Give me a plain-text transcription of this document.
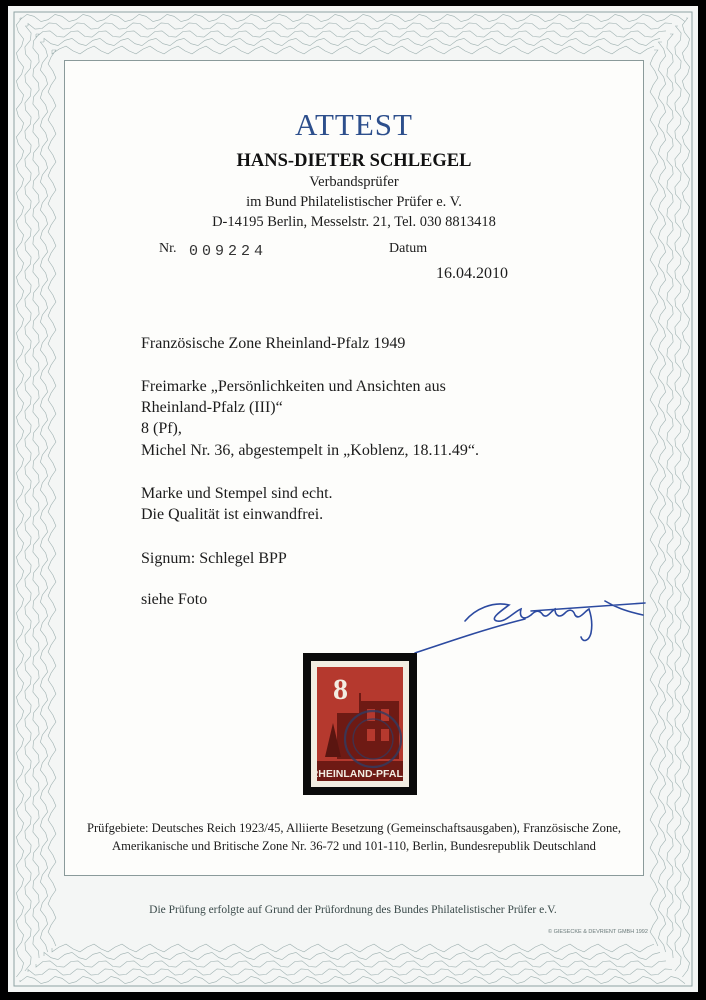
ATTEST
HANS-DIETER SCHLEGEL
Verbandsprüfer
im Bund Philatelistischer Prüfer e. V.
D-14195 Berlin, Messelstr. 21, Tel. 030 8813418
Nr. 009224	Datum
16.04.2010
Französische Zone Rheinland-Pfalz 1949
Freimarke „Persönlichkeiten und Ansichten aus
Rheinland-Pfalz (III)“
8 (Pf),
Michel Nr. 36, abgestempelt in „Koblenz, 18.11.49“.
Marke und Stempel sind echt.
Die Qualität ist einwandfrei.
Signum: Schlegel BPP
siehe Foto
8
RHEINLAND-PFALZ
Prüfgebiete: Deutsches Reich 1923/45, Alliierte Besetzung (Gemeinschaftsausgaben), Französische Zone,
Amerikanische und Britische Zone Nr. 36-72 und 101-110, Berlin, Bundesrepublik Deutschland
Die Prüfung erfolgte auf Grund der Prüfordnung des Bundes Philatelistischer Prüfer e.V.
© GIESECKE & DEVRIENT GMBH 1992
